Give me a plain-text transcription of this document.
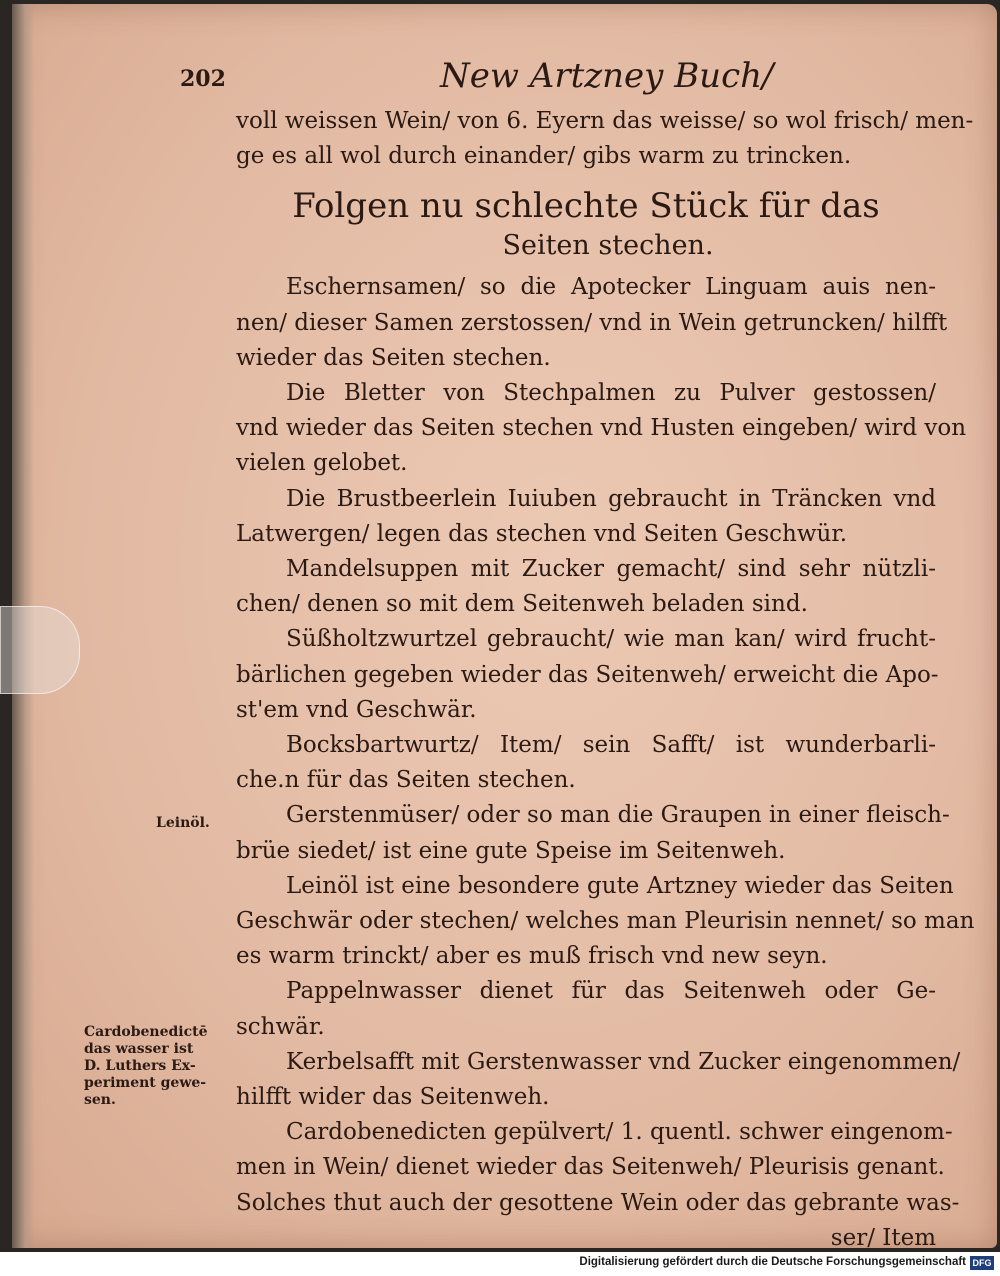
202	New Artzney Buch/
voll weissen Wein/ von 6. Eyern das weisse/ so wol frisch/ men-
ge es all wol durch einander/ gibs warm zu trincken.
Folgen nu schlechte Stück für das
Seiten stechen.
Eschernsamen/ so die Apotecker Linguam auis nen-
nen/ dieser Samen zerstossen/ vnd in Wein getruncken/ hilfft
wieder das Seiten stechen.
Die Bletter von Stechpalmen zu Pulver gestossen/
vnd wieder das Seiten stechen vnd Husten eingeben/ wird von
vielen gelobet.
Die Brustbeerlein Iuiuben gebraucht in Träncken vnd
Latwergen/ legen das stechen vnd Seiten Geschwür.
Mandelsuppen mit Zucker gemacht/ sind sehr nützli-
chen/ denen so mit dem Seitenweh beladen sind.
Süßholtzwurtzel gebraucht/ wie man kan/ wird frucht-
bärlichen gegeben wieder das Seitenweh/ erweicht die Apo-
st'em vnd Geschwär.
Bocksbartwurtz/ Item/ sein Safft/ ist wunderbarli-
che.n für das Seiten stechen.
Gerstenmüser/ oder so man die Graupen in einer fleisch-
brüe siedet/ ist eine gute Speise im Seitenweh.
Leinöl ist eine besondere gute Artzney wieder das Seiten
Geschwär oder stechen/ welches man Pleurisin nennet/ so man
es warm trinckt/ aber es muß frisch vnd new seyn.
Pappelnwasser dienet für das Seitenweh oder Ge-
schwär.
Kerbelsafft mit Gerstenwasser vnd Zucker eingenommen/
hilfft wider das Seitenweh.
Cardobenedicten gepülvert/ 1. quentl. schwer eingenom-
men in Wein/ dienet wieder das Seitenweh/ Pleurisis genant.
Solches thut auch der gesottene Wein oder das gebrante was-
ser/ Item
Leinöl.
Cardobenedictē
das wasser ist
D. Luthers Ex-
periment gewe-
sen.
Digitalisierung gefördert durch die Deutsche Forschungsgemeinschaft DFG
